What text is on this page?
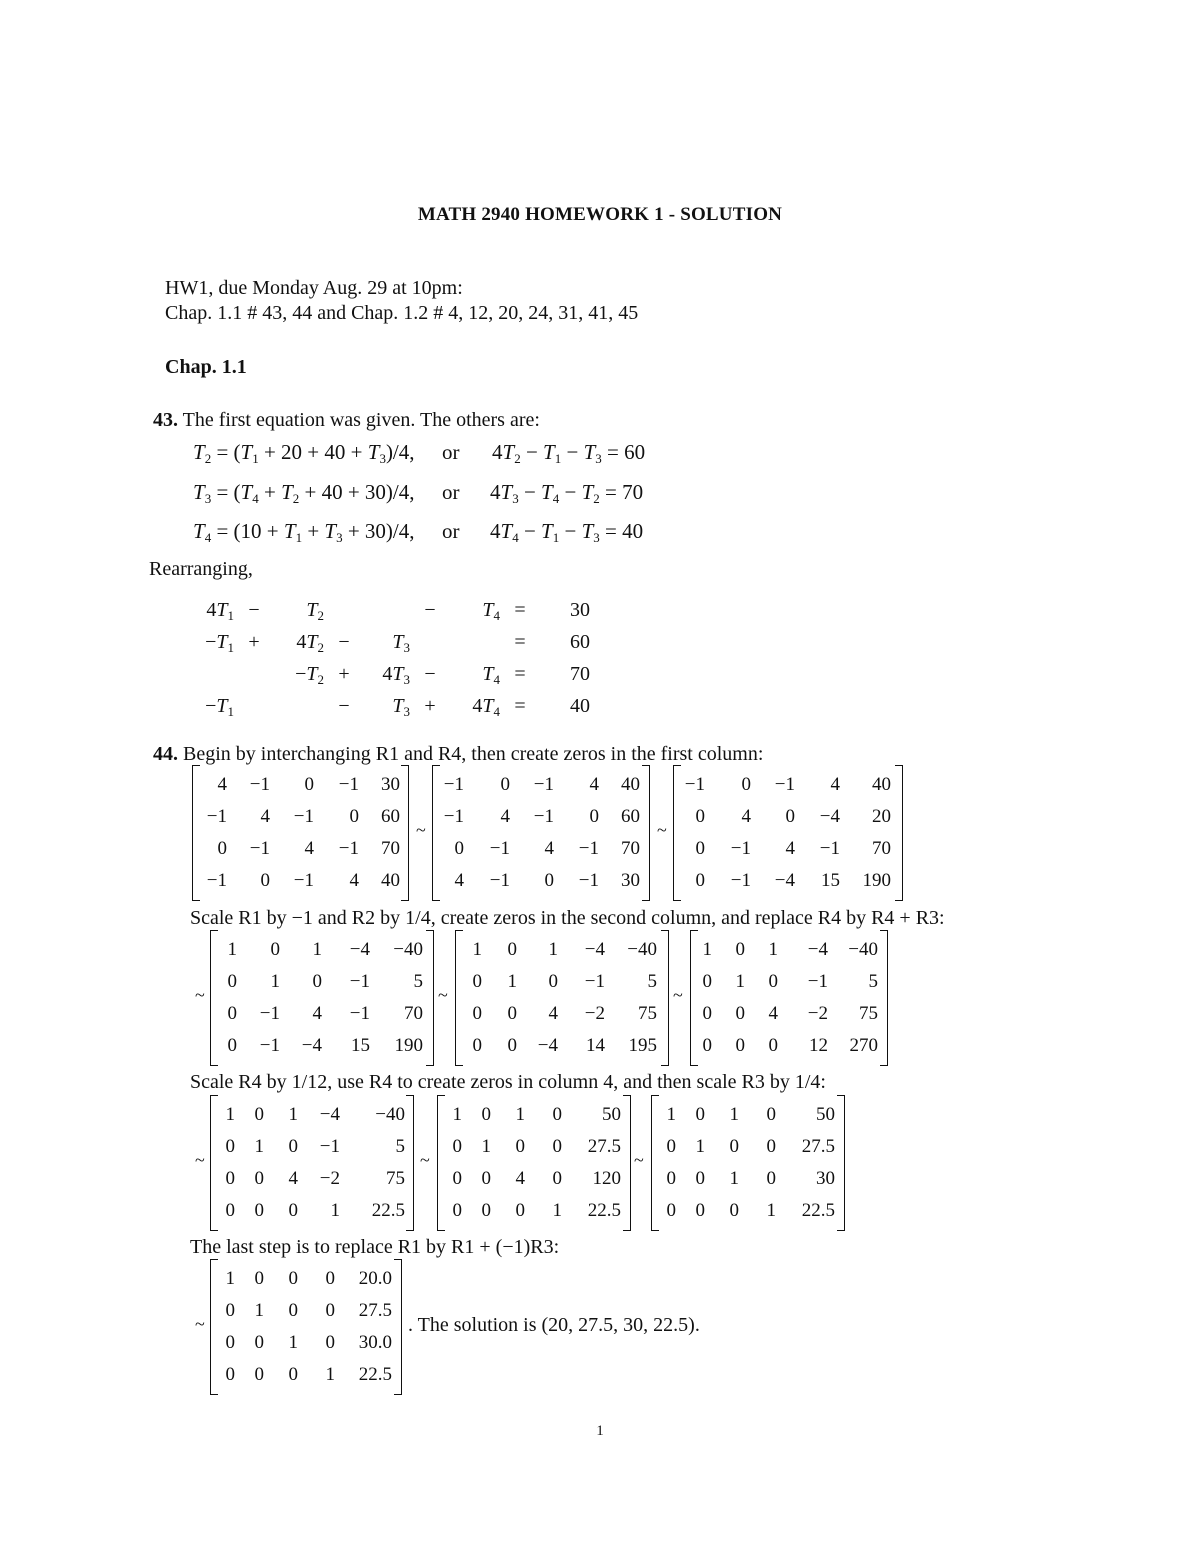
MATH 2940 HOMEWORK 1 - SOLUTION
HW1, due Monday Aug. 29 at 10pm:
Chap. 1.1 # 43, 44 and Chap. 1.2 # 4, 12, 20, 24, 31, 41, 45
Chap. 1.1
43. The first equation was given. The others are:
$T_2 = (T_1 + 20 + 40 + T_3)/4$, or $4T_2 - T_1 - T_3 = 60$
$T_3 = (T_4 + T_2 + 40 + 30)/4$, or $4T_3 - T_4 - T_2 = 70$
$T_4 = (10 + T_1 + T_3 + 30)/4$, or $4T_4 - T_1 - T_3 = 40$
Rearranging,
$4T_1$	−	$T_2$			−	$T_4$	=	30
$-T_1$	+	$4T_2$	−	$T_3$			=	60
		$-T_2$	+	$4T_3$	−	$T_4$	=	70
$-T_1$			−	$T_3$	+	$4T_4$	=	40
44. Begin by interchanging R1 and R4, then create zeros in the first column:
Scale R1 by −1 and R2 by 1/4, create zeros in the second column, and replace R4 by R4 + R3:
Scale R4 by 1/12, use R4 to create zeros in column 4, and then scale R3 by 1/4:
The last step is to replace R1 by R1 + (−1)R3:
. The solution is (20, 27.5, 30, 22.5).
1
4	−1	0	−1	30
−1	4	−1	0	60
0	−1	4	−1	70
−1	0	−1	4	40
−1	0	−1	4	40
−1	4	−1	0	60
0	−1	4	−1	70
4	−1	0	−1	30
−1	0	−1	4	40
0	4	0	−4	20
0	−1	4	−1	70
0	−1	−4	15	190
1	0	1	−4	−40
0	1	0	−1	5
0	−1	4	−1	70
0	−1	−4	15	190
1	0	1	−4	−40
0	1	0	−1	5
0	0	4	−2	75
0	0	−4	14	195
1	0	1	−4	−40
0	1	0	−1	5
0	0	4	−2	75
0	0	0	12	270
1	0	1	−4	−40
0	1	0	−1	5
0	0	4	−2	75
0	0	0	1	22.5
1	0	1	0	50
0	1	0	0	27.5
0	0	4	0	120
0	0	0	1	22.5
1	0	1	0	50
0	1	0	0	27.5
0	0	1	0	30
0	0	0	1	22.5
1	0	0	0	20.0
0	1	0	0	27.5
0	0	1	0	30.0
0	0	0	1	22.5
~	~
~	~	~
~	~	~
~
